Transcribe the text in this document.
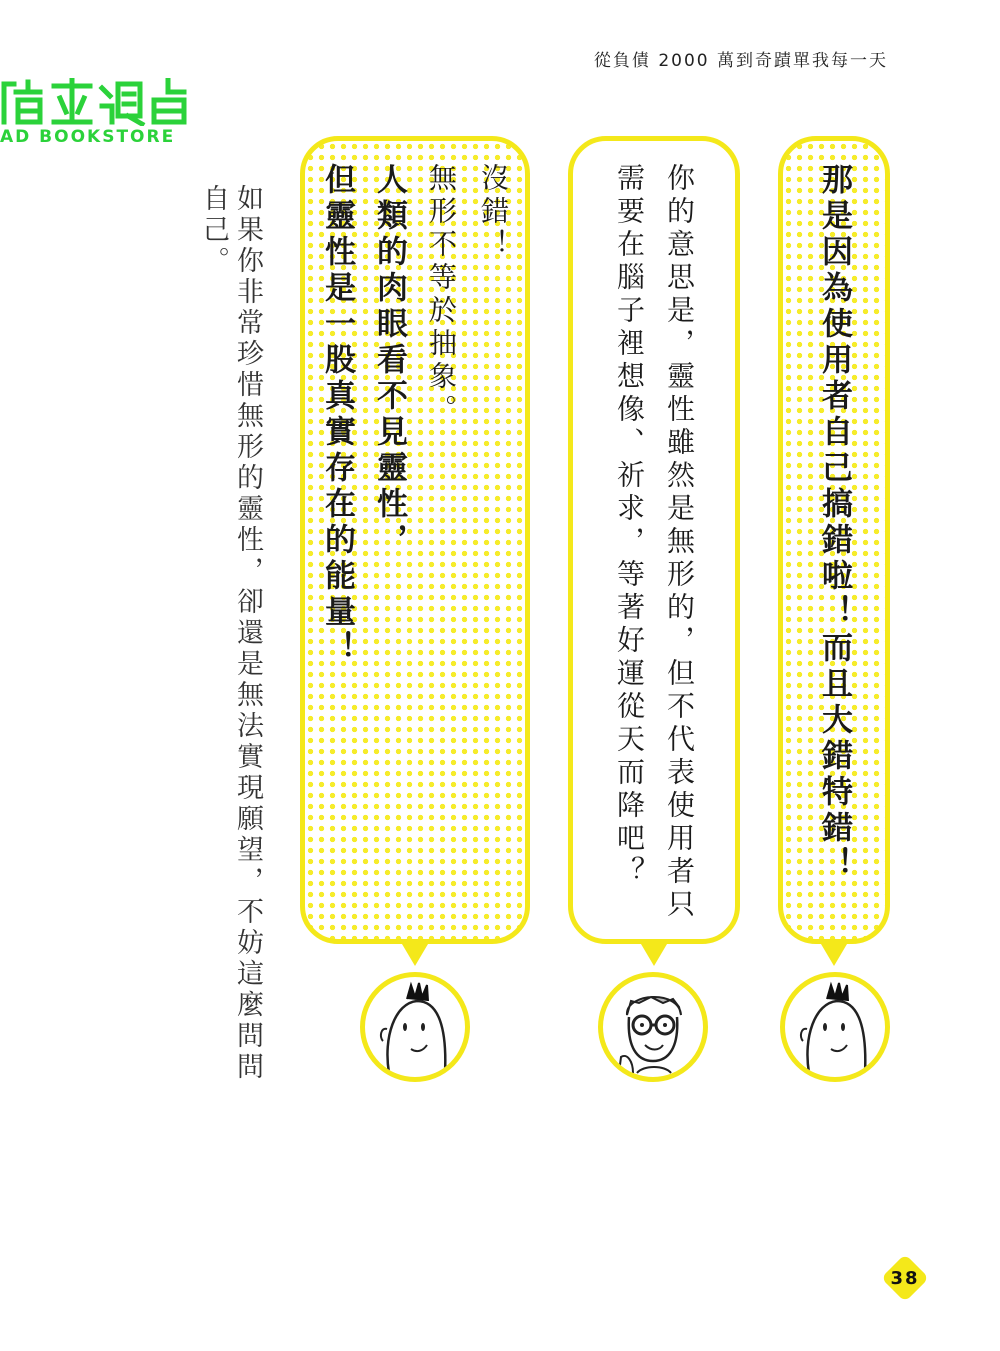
從負債 2000 萬到奇蹟單我每一天
AD BOOKSTORE
那是因為使用者自己搞錯啦！而且大錯特錯！
你的意思是，靈性雖然是無形的，但不代表使用者只需要在腦子裡想像、祈求，等著好運從天而降吧？
沒錯！
無形不等於抽象。
人類的肉眼看不見靈性，
但靈性是一股真實存在的能量！
如果你非常珍惜無形的靈性，卻還是無法實現願望，不妨這麼問問自己。
38
